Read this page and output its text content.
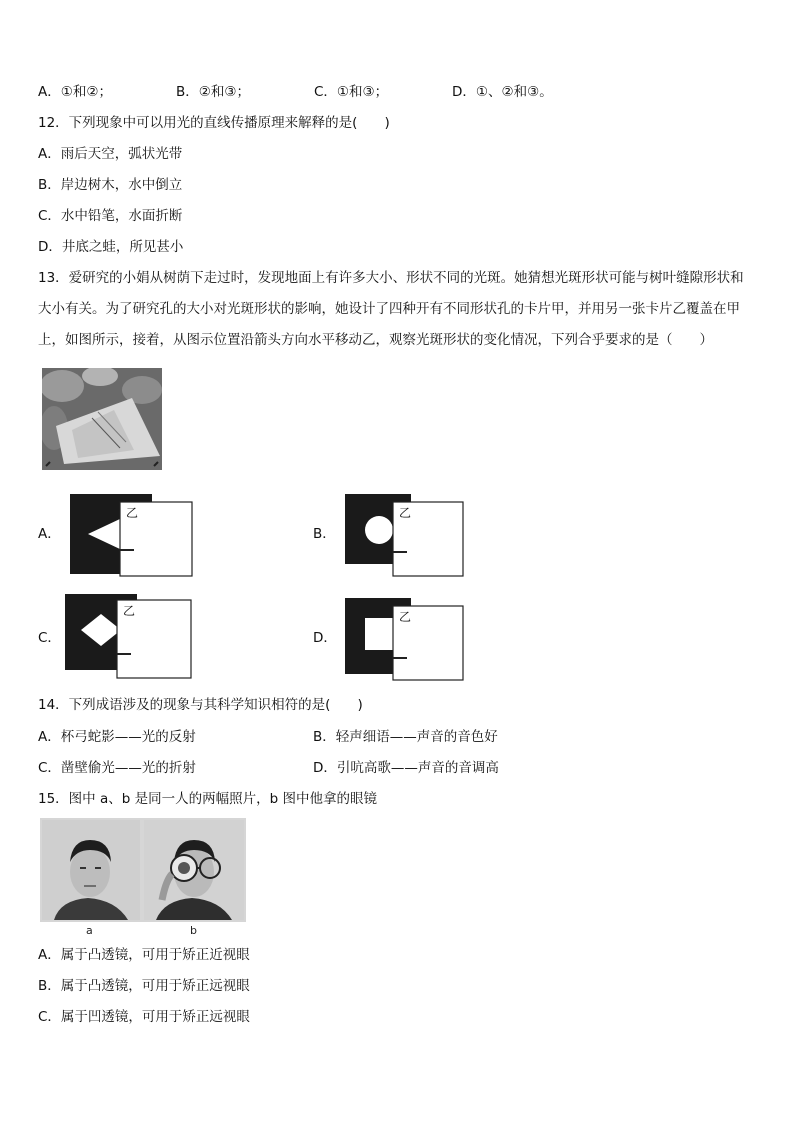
A．①和②；	B．②和③；	C．①和③；	D．①、②和③。
12．下列现象中可以用光的直线传播原理来解释的是(　　)
A．雨后天空，弧状光带
B．岸边树木，水中倒立
C．水中铅笔，水面折断
D．井底之蛙，所见甚小
13．爱研究的小娟从树荫下走过时，发现地面上有许多大小、形状不同的光斑。她猜想光斑形状可能与树叶缝隙形状和大小有关。为了研究孔的大小对光斑形状的影响，她设计了四种开有不同形状孔的卡片甲，并用另一张卡片乙覆盖在甲上，如图所示，接着，从图示位置沿箭头方向水平移动乙，观察光斑形状的变化情况，下列合乎要求的是（　　）
A．
乙
B．
乙
C．
乙
D．
乙
14．下列成语涉及的现象与其科学知识相符的是(　　)
A．杯弓蛇影——光的反射	B．轻声细语——声音的音色好
C．凿壁偷光——光的折射	D．引吭高歌——声音的音调高
15．图中 a、b 是同一人的两幅照片，b 图中他拿的眼镜
a	b
A．属于凸透镜，可用于矫正近视眼
B．属于凸透镜，可用于矫正远视眼
C．属于凹透镜，可用于矫正远视眼
